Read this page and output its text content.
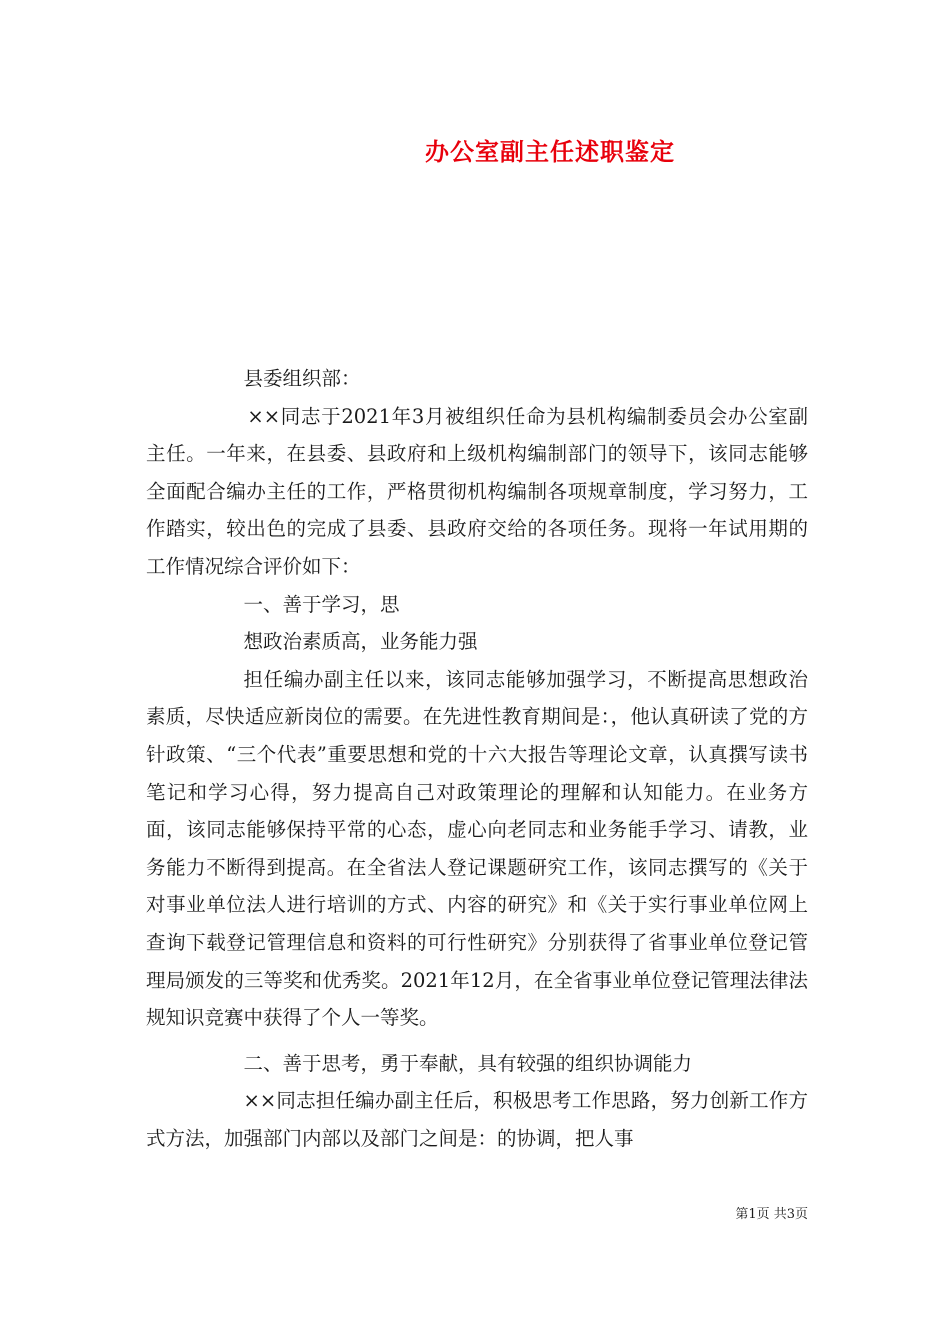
办公室副主任述职鉴定

县委组织部：

××同志于2021年3月被组织任命为县机构编制委员会办公室副主任。一年来，在县委、县政府和上级机构编制部门的领导下，该同志能够全面配合编办主任的工作，严格贯彻机构编制各项规章制度，学习努力，工作踏实，较出色的完成了县委、县政府交给的各项任务。现将一年试用期的工作情况综合评价如下：

一、善于学习，思

想政治素质高，业务能力强

担任编办副主任以来，该同志能够加强学习，不断提高思想政治素质，尽快适应新岗位的需要。在先进性教育期间是：，他认真研读了党的方针政策、“三个代表”重要思想和党的十六大报告等理论文章，认真撰写读书笔记和学习心得，努力提高自己对政策理论的理解和认知能力。在业务方面，该同志能够保持平常的心态，虚心向老同志和业务能手学习、请教，业务能力不断得到提高。在全省法人登记课题研究工作，该同志撰写的《关于对事业单位法人进行培训的方式、内容的研究》和《关于实行事业单位网上查询下载登记管理信息和资料的可行性研究》分别获得了省事业单位登记管理局颁发的三等奖和优秀奖。2021年12月，在全省事业单位登记管理法律法规知识竞赛中获得了个人一等奖。

二、善于思考，勇于奉献，具有较强的组织协调能力

××同志担任编办副主任后，积极思考工作思路，努力创新工作方式方法，加强部门内部以及部门之间是：的协调，把人事

第1页 共3页
